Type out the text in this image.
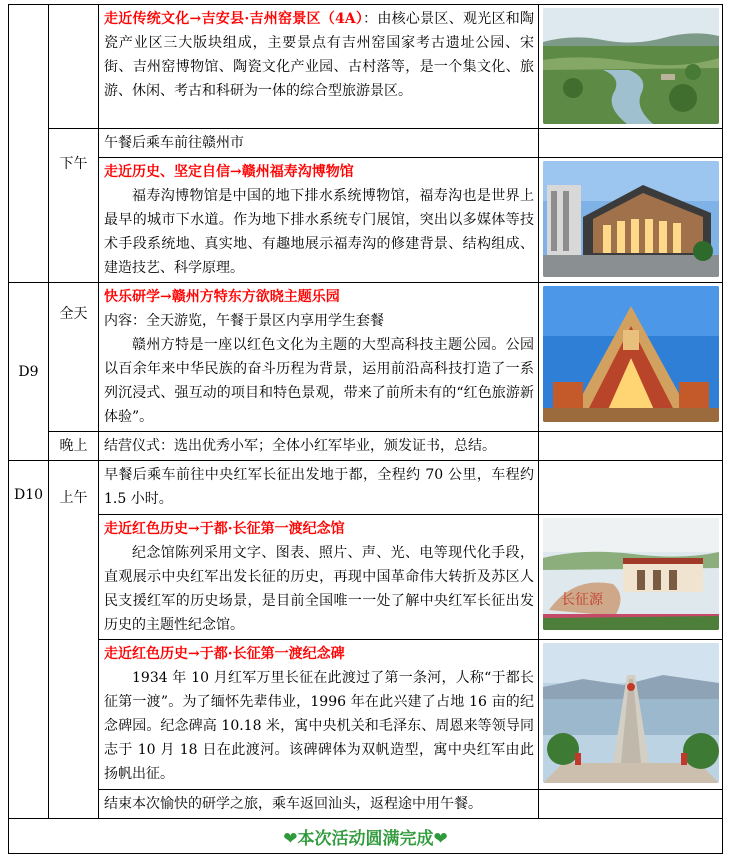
		走近传统文化→吉安县·吉州窑景区（4A）：由核心景区、观光区和陶瓷产业区三大版块组成，主要景点有吉州窑国家考古遗址公园、宋街、吉州窑博物馆、陶瓷文化产业园、古村落等，是一个集文化、旅游、休闲、考古和科研为一体的综合型旅游景区。	

	下午	午餐后乘车前往赣州市	

		走近历史、坚定自信→赣州福寿沟博物馆

福寿沟博物馆是中国的地下排水系统博物馆，福寿沟也是世界上最早的城市下水道。作为地下排水系统专门展馆，突出以多媒体等技术手段系统地、真实地、有趣地展示福寿沟的修建背景、结构组成、建造技艺、科学原理。

D9	全天	快乐研学→赣州方特东方欲晓主题乐园
内容：全天游览，午餐于景区内享用学生套餐

赣州方特是一座以红色文化为主题的大型高科技主题公园。公园以百余年来中华民族的奋斗历程为背景，运用前沿高科技打造了一系列沉浸式、强互动的项目和特色景观，带来了前所未有的“红色旅游新体验”。

	晚上	结营仪式：选出优秀小军；全体小红军毕业，颁发证书，总结。	
D10	上午	早餐后乘车前往中央红军长征出发地于都，全程约 70 公里，车程约 1.5 小时。	

		走近红色历史→于都·长征第一渡纪念馆

纪念馆陈列采用文字、图表、照片、声、光、电等现代化手段，直观展示中央红军出发长征的历史，再现中国革命伟大转折及苏区人民支援红军的历史场景，是目前全国唯一一处了解中央红军长征出发历史的主题性纪念馆。	长征源

		走近红色历史→于都·长征第一渡纪念碑

1934 年 10 月红军万里长征在此渡过了第一条河，人称“于都长征第一渡”。为了缅怀先辈伟业，1996 年在此兴建了占地 16 亩的纪念碑园。纪念碑高 10.18 米，寓中央机关和毛泽东、周恩来等领导同志于 10 月 18 日在此渡河。该碑碑体为双帆造型，寓中央红军由此扬帆出征。

		结束本次愉快的研学之旅，乘车返回汕头，返程途中用午餐。	
❤本次活动圆满完成❤			
